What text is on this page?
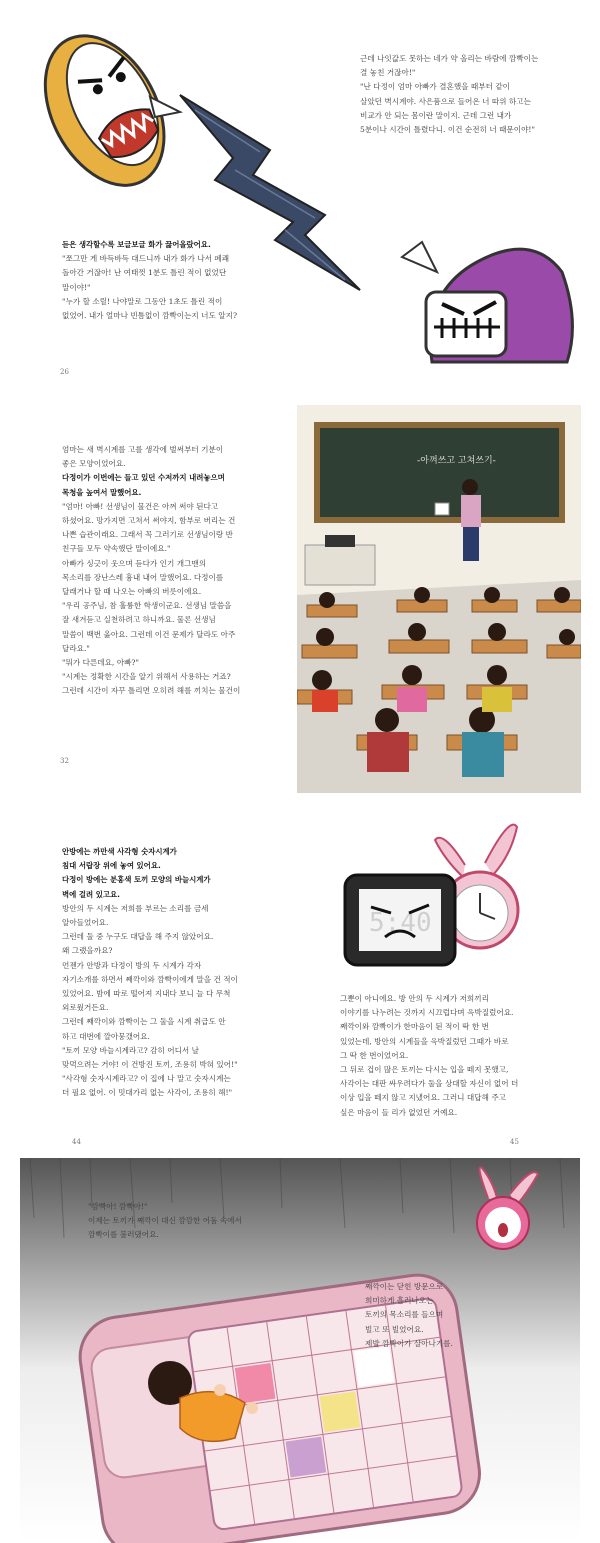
근데 나잇값도 못하는 네가 약 올리는 바람에 깜빡이는

결 놓친 거잖아!"

"난 다정이 엄마 아빠가 결혼했을 때부터 같이

살았던 벽시계야. 사은품으로 들어온 너 따위 하고는

비교가 안 되는 몸이란 말이지. 근데 그런 내가

5분이나 시간이 틀렸다니. 이건 순전히 너 때문이야!"

듣은 생각할수록 보글보글 화가 끓어올랐어요.

"쪼그만 게 바득바득 대드니까 내가 화가 나서 폐쾌

돌아간 거잖아! 난 여태껏 1분도 틀린 적이 없었단

말이야!"

"누가 할 소릴! 나야말로 그동안 1초도 틀린 적이

없었어. 내가 얼마나 빈틈없이 깜빡이는지 너도 알지?

26

엄마는 새 벽시계를 고를 생각에 벌써부터 기분이

좋은 모양이었어요.

다정이가 이번에는 들고 있던 수저까지 내려놓으며

목청을 높여서 말했어요.

"엄마! 아빠! 선생님이 물건은 아껴 써야 된다고

하셨어요. 망가지면 고쳐서 써야지, 함부로 버리는 건

나쁜 습관이래요. 그래서 꼭 그러기로 선생님이랑 반

친구들 모두 약속했단 말이에요."

아빠가 싱긋이 웃으며 듣다가 인기 개그맨의

목소리를 장난스레 흉내 내어 말했어요. 다정이를

달래거나 할 때 나오는 아빠의 버릇이에요.

"우리 공주님, 참 훌륭한 학생이군요. 선생님 말씀을

잘 새겨듣고 실천하려고 하니까요. 물론 선생님

말씀이 백번 옳아요. 그런데 이건 문제가 달라도 아주

달라요."

"뭐가 다른데요, 아빠?"

"시계는 정확한 시간을 알기 위해서 사용하는 거죠?

그런데 시간이 자꾸 틀리면 오히려 해를 끼치는 물건이

-아껴쓰고 고쳐쓰기-
32
5:40

안방에는 까만색 사각형 숫자시계가

침대 서랍장 위에 놓여 있어요.

다정이 방에는 분홍색 토끼 모양의 바늘시계가

벽에 걸려 있고요.

방안의 두 시계는 저희를 부르는 소리를 금세

알아들었어요.

그런데 둘 중 누구도 대답을 해 주지 않았어요.

왜 그랬을까요?

언젠가 안방과 다정이 방의 두 시계가 각자

자기소개를 하면서 째깍이와 깜빡이에게 말을 건 적이

있었어요. 밤에 따로 떨어져 지내다 보니 늘 다 무척

외로웠거든요.

그런데 째깍이와 깜빡이는 그 둘을 시계 취급도 안

하고 대번에 깔아뭉갰어요.

"토끼 모양 바늘시계라고? 감히 어디서 날

맞먹으려는 거야! 이 건방진 토끼, 조용히 박혀 있어!"

"사각형 숫자시계라고? 이 집에 나 말고 숫자시계는

더 필요 없어. 이 밋대가리 없는 사각이, 조용히 해!"

그뿐이 아니에요. 방 안의 두 시계가 저희끼리

이야기를 나누려는 것까지 시끄럽다며 윽박질렀어요.

째깍이와 깜빡이가 한마음이 된 적이 딱 한 번

있었는데, 방안의 시계들을 윽박질렀던 그때가 바로

그 딱 한 번이었어요.

그 뒤로 겁이 많은 토끼는 다시는 입을 떼지 못했고,

사각이는 대판 싸우려다가 둘을 상대할 자신이 없어 더

이상 입을 떼지 않고 지냈어요. 그러니 대답해 주고

싶은 마음이 들 리가 없었던 거예요.

44	45

"깜빡아! 깜빡아!"

이제는 토끼가 째깍이 대신 깜깜한 어둠 속에서

깜빡이를 불러댔어요.

째깍이는 닫힌 방문으로

희미하게 흘러나오는

토끼의 목소리를 들으며

빌고 또 빌었어요.

제발 깜빡이가 살아나기를.
